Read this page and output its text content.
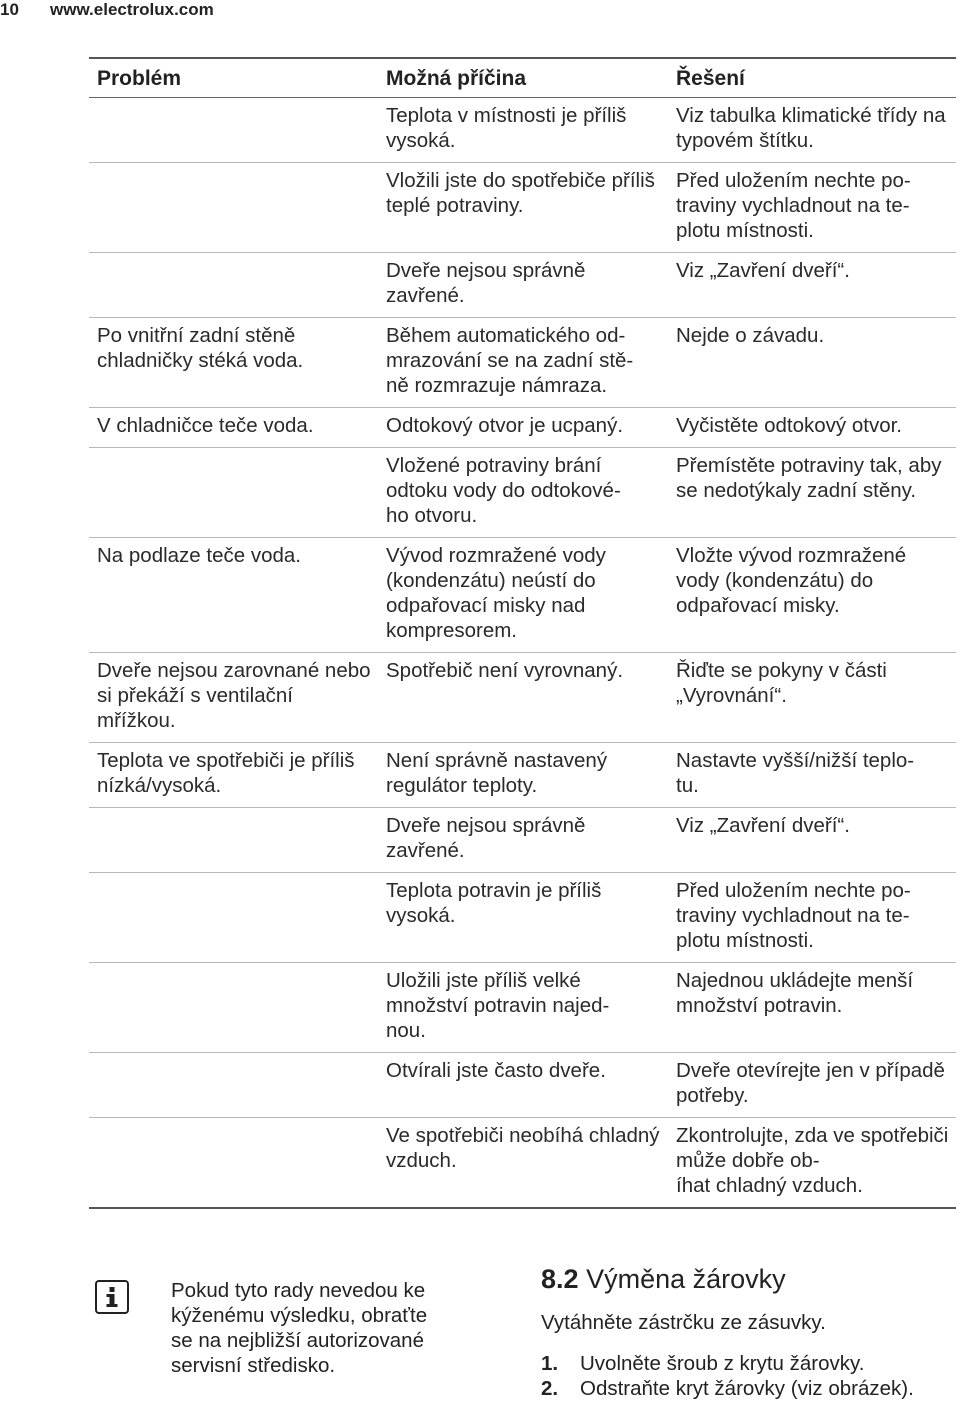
10 www.electrolux.com
Problém	Možná příčina	Řešení
	Teplota v místnosti je příliš vysoká.	Viz tabulka klimatické třídy na typovém štítku.
	Vložili jste do spotřebiče příliš teplé potraviny.	Před uložením nechte po-
traviny vychladnout na te-
plotu místnosti.
	Dveře nejsou správně zavřené.	Viz „Zavření dveří“.
Po vnitřní zadní stěně chladničky stéká voda.	Během automatického od-
mrazování se na zadní stě-
ně rozmrazuje námraza.	Nejde o závadu.
V chladničce teče voda.	Odtokový otvor je ucpaný.	Vyčistěte odtokový otvor.
	Vložené potraviny brání odtoku vody do odtokové-
ho otvoru.	Přemístěte potraviny tak, aby se nedotýkaly zadní stěny.
Na podlaze teče voda.	Vývod rozmražené vody (kondenzátu) neústí do odpařovací misky nad kompresorem.	Vložte vývod rozmražené vody (kondenzátu) do odpařovací misky.
Dveře nejsou zarovnané nebo si překáží s ventilační mřížkou.	Spotřebič není vyrovnaný.	Řiďte se pokyny v části „Vyrovnání“.
Teplota ve spotřebiči je příliš nízká/vysoká.	Není správně nastavený regulátor teploty.	Nastavte vyšší/nižší teplo-
tu.
	Dveře nejsou správně zavřené.	Viz „Zavření dveří“.
	Teplota potravin je příliš vysoká.	Před uložením nechte po-
traviny vychladnout na te-
plotu místnosti.
	Uložili jste příliš velké množství potravin najed-
nou.	Najednou ukládejte menší množství potravin.
	Otvírali jste často dveře.	Dveře otevírejte jen v případě potřeby.
	Ve spotřebiči neobíhá chladný vzduch.	Zkontrolujte, zda ve spotřebiči může dobře ob-
íhat chladný vzduch.
Pokud tyto rady nevedou ke kýženému výsledku, obraťte se na nejbližší autorizované servisní středisko.
8.2 Výměna žárovky
Vytáhněte zástrčku ze zásuvky.
1. Uvolněte šroub z krytu žárovky.
2. Odstraňte kryt žárovky (viz obrázek).
